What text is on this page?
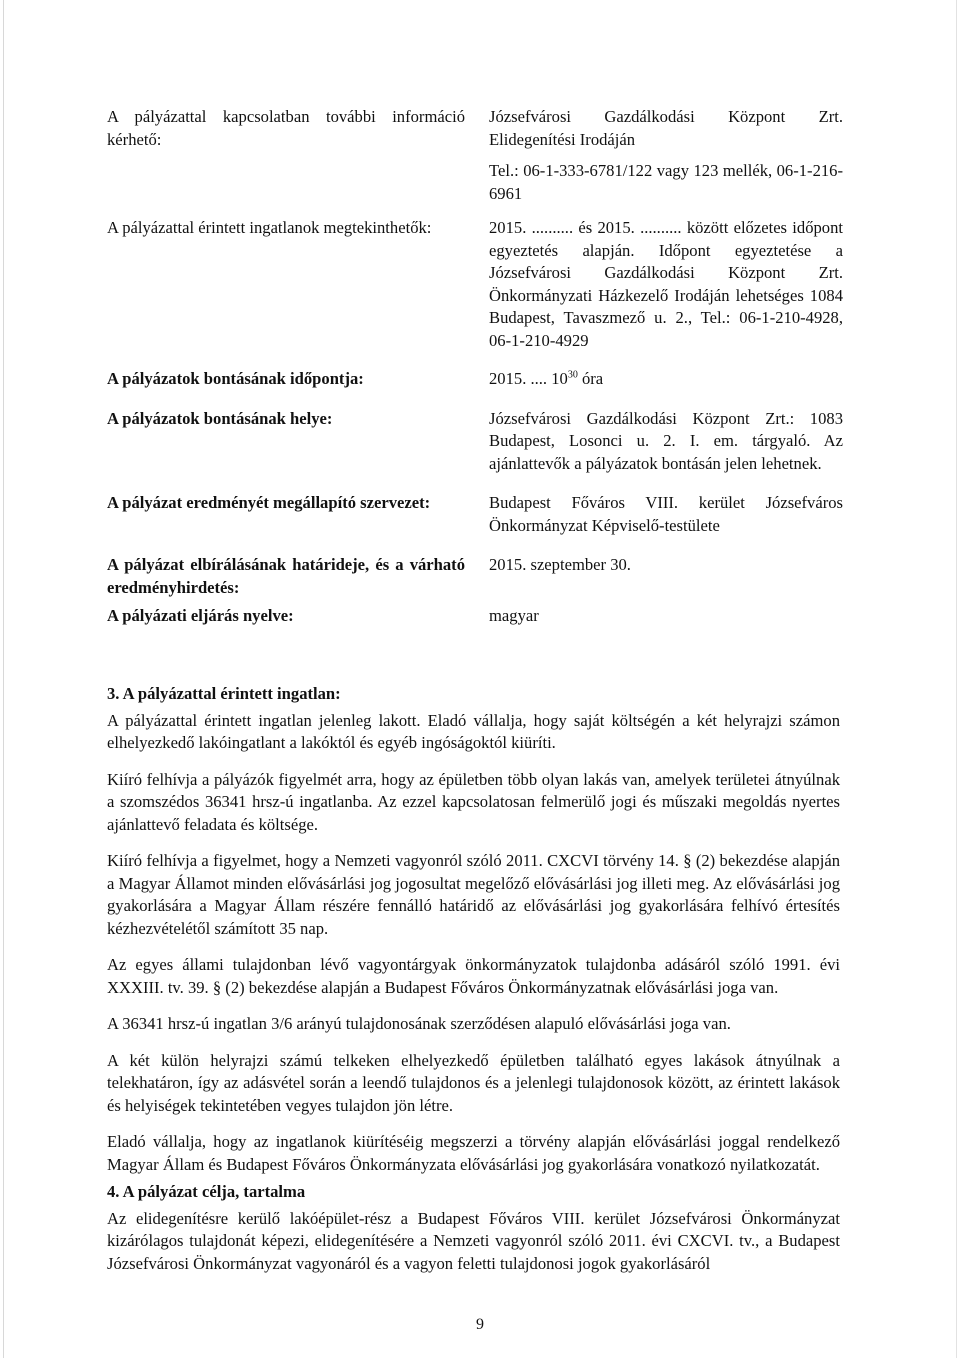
A pályázattal kapcsolatban további információ kérhető:	Józsefvárosi Gazdálkodási Központ Zrt. Elidegenítési Irodáján
Tel.: 06-1-333-6781/122 vagy 123 mellék, 06-1-216-6961

A pályázattal érintett ingatlanok megtekinthetők:	2015. .......... és 2015. .......... között előzetes időpont egyeztetés alapján. Időpont egyeztetése a Józsefvárosi Gazdálkodási Központ Zrt. Önkormányzati Házkezelő Irodáján lehetséges 1084 Budapest, Tavaszmező u. 2., Tel.: 06-1-210-4928, 06-1-210-4929

A pályázatok bontásának időpontja:	2015. .... $10^{30}$ óra

A pályázatok bontásának helye:	Józsefvárosi Gazdálkodási Központ Zrt.: 1083 Budapest, Losonci u. 2. I. em. tárgyaló. Az ajánlattevők a pályázatok bontásán jelen lehetnek.

A pályázat eredményét megállapító szervezet:	Budapest Főváros VIII. kerület Józsefváros Önkormányzat Képviselő-testülete

A pályázat elbírálásának határideje, és a várható eredményhirdetés:	2015. szeptember 30.

A pályázati eljárás nyelve:	magyar

3. A pályázattal érintett ingatlan:

A pályázattal érintett ingatlan jelenleg lakott. Eladó vállalja, hogy saját költségén a két helyrajzi számon elhelyezkedő lakóingatlant a lakóktól és egyéb ingóságoktól kiüríti.

Kiíró felhívja a pályázók figyelmét arra, hogy az épületben több olyan lakás van, amelyek területei átnyúlnak a szomszédos 36341 hrsz-ú ingatlanba. Az ezzel kapcsolatosan felmerülő jogi és műszaki megoldás nyertes ajánlattevő feladata és költsége.

Kiíró felhívja a figyelmet, hogy a Nemzeti vagyonról szóló 2011. CXCVI törvény 14. § (2) bekezdése alapján a Magyar Államot minden elővásárlási jog jogosultat megelőző elővásárlási jog illeti meg. Az elővásárlási jog gyakorlására a Magyar Állam részére fennálló határidő az elővásárlási jog gyakorlására felhívó értesítés kézhezvételétől számított 35 nap.

Az egyes állami tulajdonban lévő vagyontárgyak önkormányzatok tulajdonba adásáról szóló 1991. évi XXXIII. tv. 39. § (2) bekezdése alapján a Budapest Főváros Önkormányzatnak elővásárlási joga van.

A 36341 hrsz-ú ingatlan 3/6 arányú tulajdonosának szerződésen alapuló elővásárlási joga van.

A két külön helyrajzi számú telkeken elhelyezkedő épületben található egyes lakások átnyúlnak a telekhatáron, így az adásvétel során a leendő tulajdonos és a jelenlegi tulajdonosok között, az érintett lakások és helyiségek tekintetében vegyes tulajdon jön létre.

Eladó vállalja, hogy az ingatlanok kiürítéséig megszerzi a törvény alapján elővásárlási joggal rendelkező Magyar Állam és Budapest Főváros Önkormányzata elővásárlási jog gyakorlására vonatkozó nyilatkozatát.

4. A pályázat célja, tartalma

Az elidegenítésre kerülő lakóépület-rész a Budapest Főváros VIII. kerület Józsefvárosi Önkormányzat kizárólagos tulajdonát képezi, elidegenítésére a Nemzeti vagyonról szóló 2011. évi CXCVI. tv., a Budapest Józsefvárosi Önkormányzat vagyonáról és a vagyon feletti tulajdonosi jogok gyakorlásáról

9
